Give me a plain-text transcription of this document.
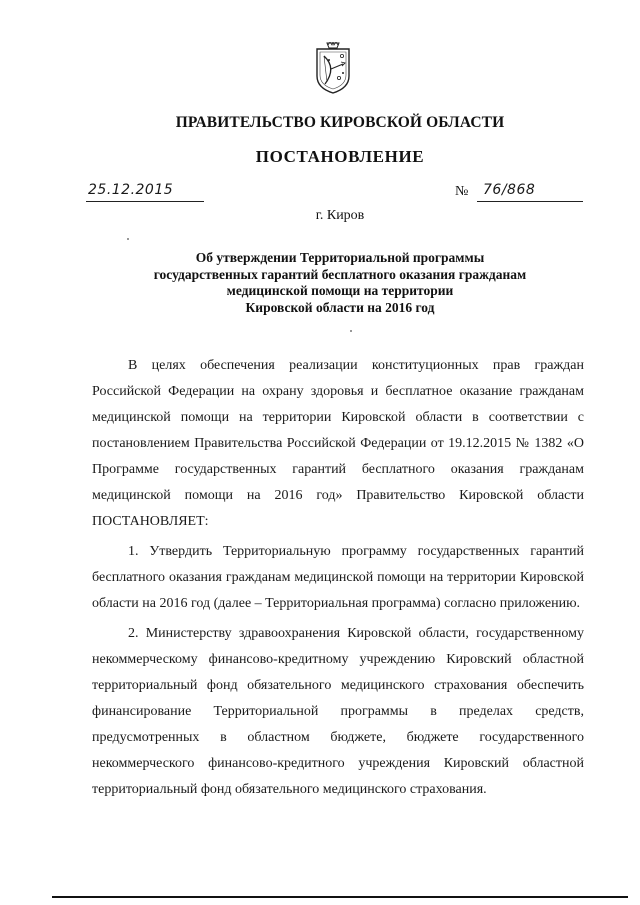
ПРАВИТЕЛЬСТВО КИРОВСКОЙ ОБЛАСТИ
ПОСТАНОВЛЕНИЕ
25.12.2015	№ 76/868
г. Киров
Об утверждении Территориальной программы
государственных гарантий бесплатного оказания гражданам
медицинской помощи на территории
Кировской области на 2016 год

В целях обеспечения реализации конституционных прав граждан Российской Федерации на охрану здоровья и бесплатное оказание гражданам медицинской помощи на территории Кировской области в соответствии с постановлением Правительства Российской Федерации от 19.12.2015 № 1382 «О Программе государственных гарантий бесплатного оказания гражданам медицинской помощи на 2016 год» Правительство Кировской области ПОСТАНОВЛЯЕТ:

1. Утвердить Территориальную программу государственных гарантий бесплатного оказания гражданам медицинской помощи на территории Кировской области на 2016 год (далее – Территориальная программа) согласно приложению.

2. Министерству здравоохранения Кировской области, государственному некоммерческому финансово-кредитному учреждению Кировский областной территориальный фонд обязательного медицинского страхования обеспечить финансирование Территориальной программы в пределах средств, предусмотренных в областном бюджете, бюджете государственного некоммерческого финансово-кредитного учреждения Кировский областной территориальный фонд обязательного медицинского страхования.
